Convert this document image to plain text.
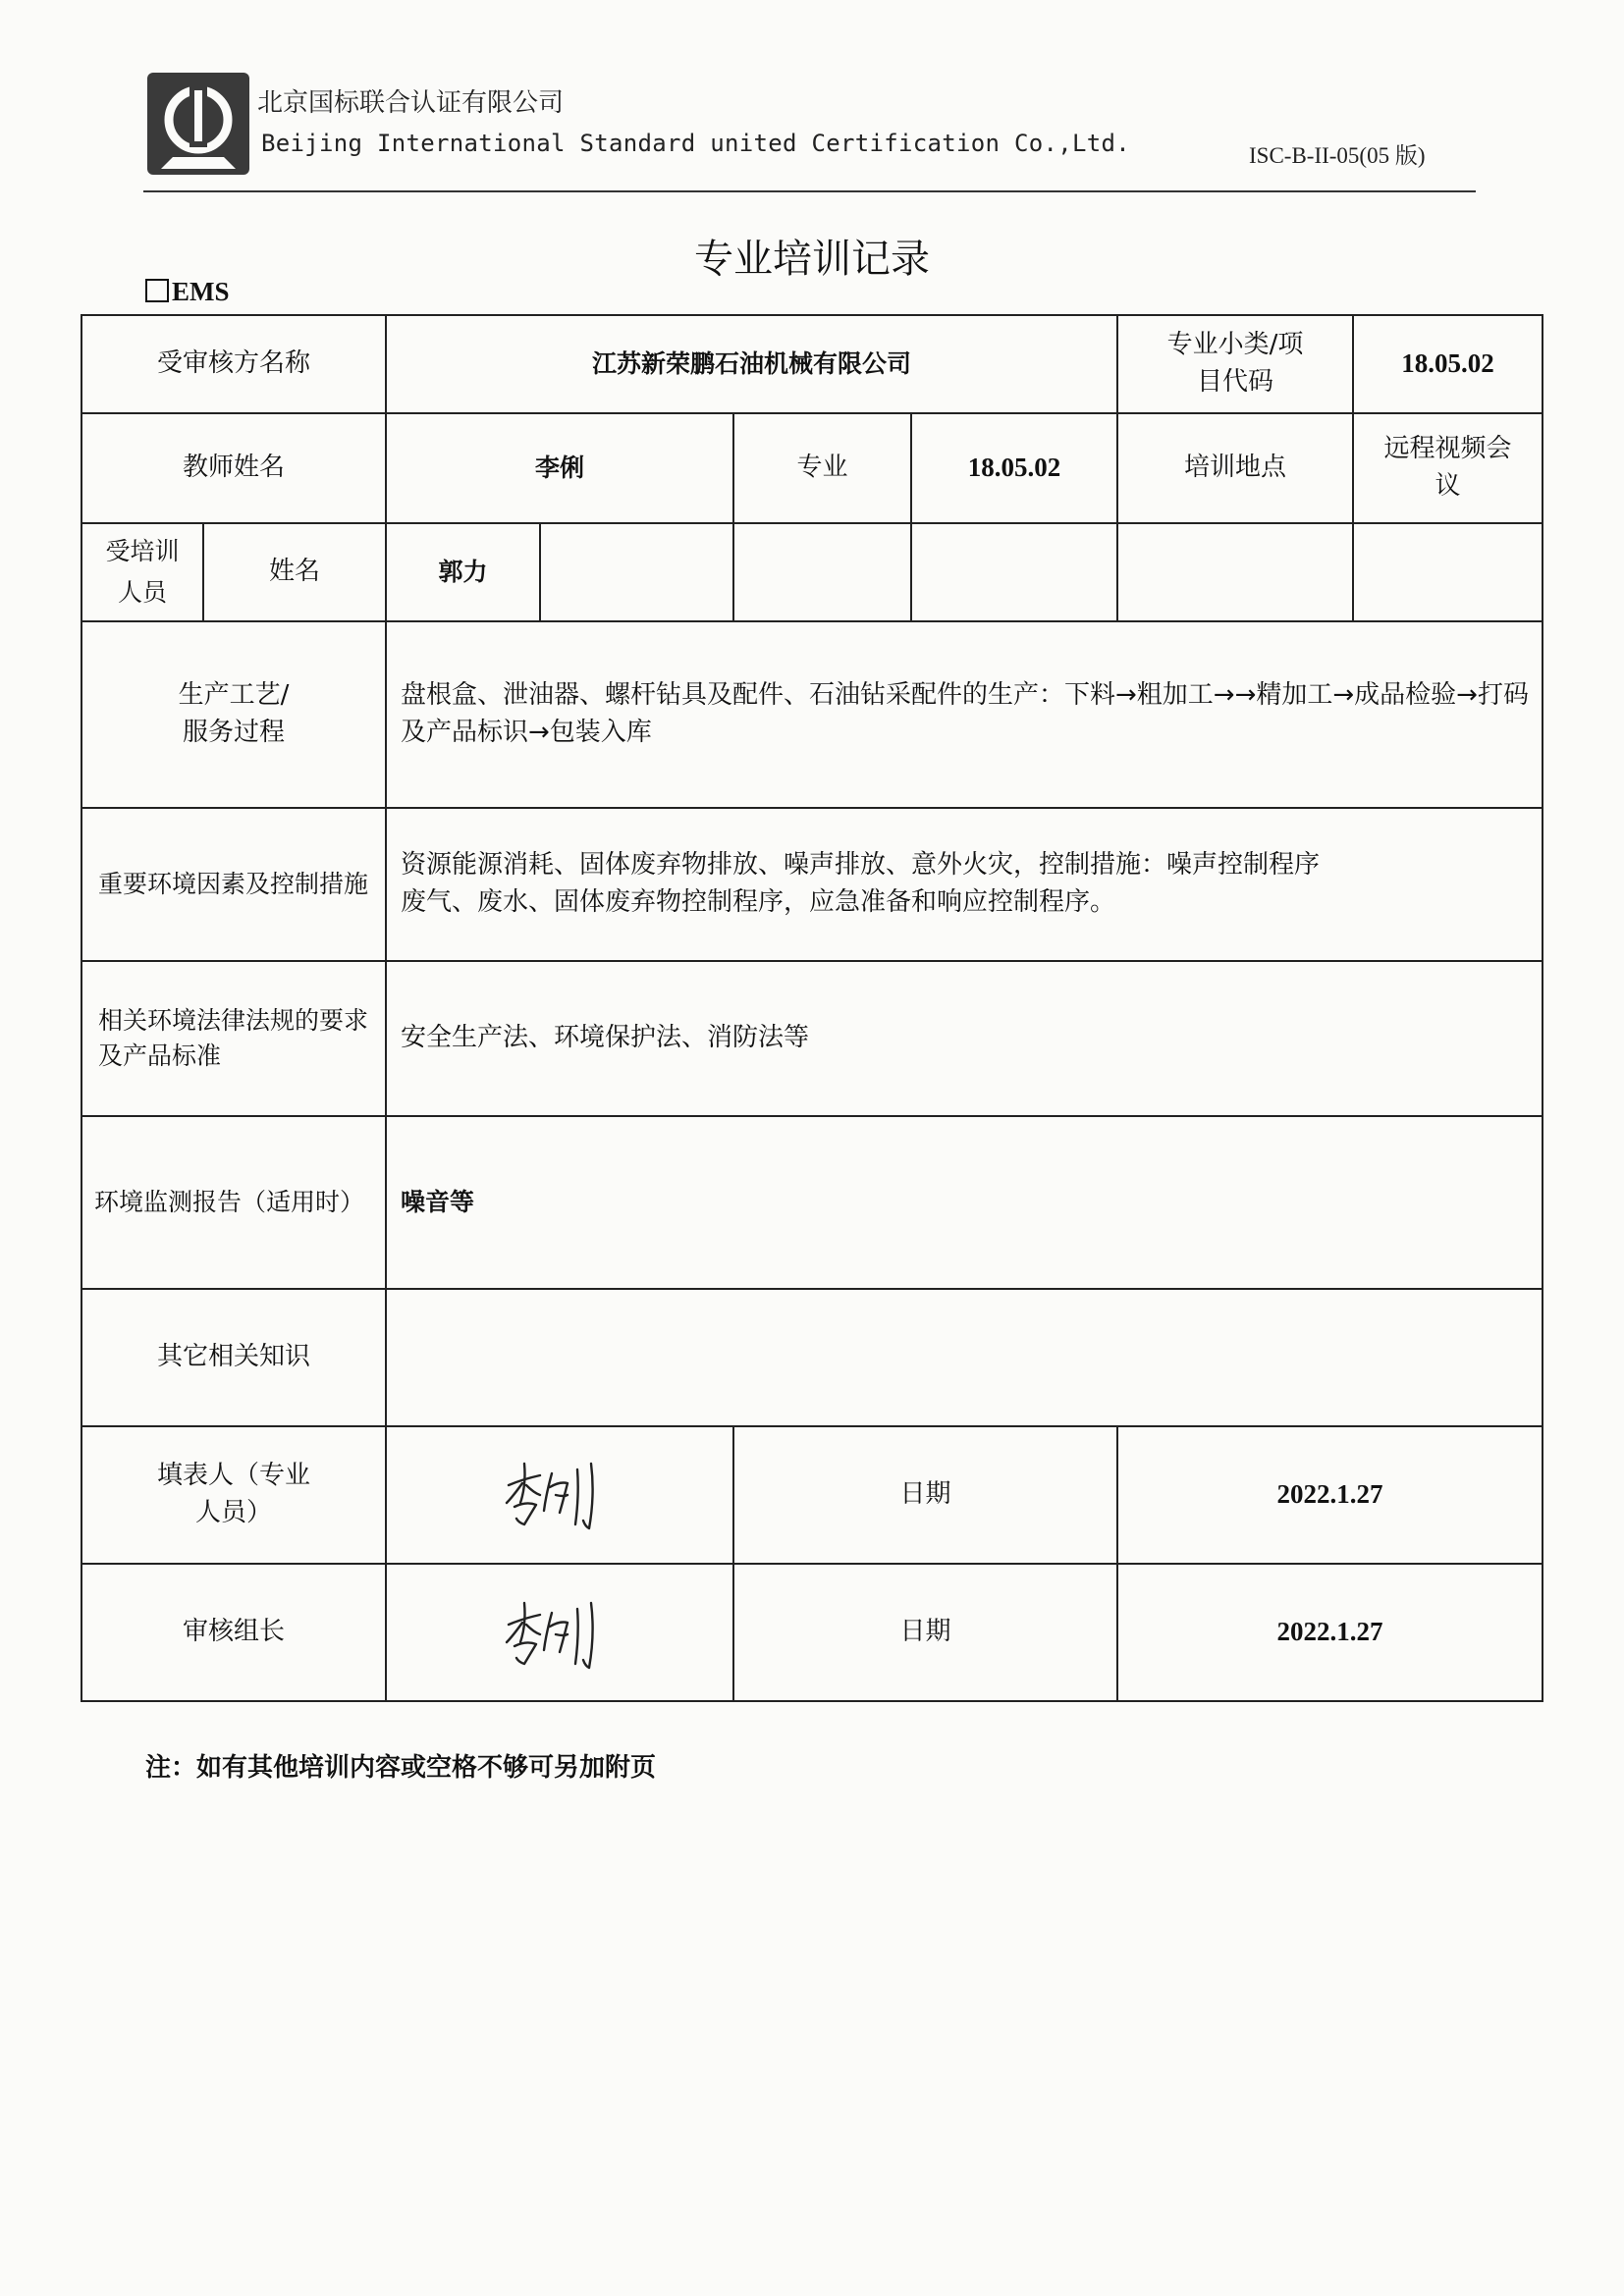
北京国标联合认证有限公司
Beijing International Standard united Certification Co.,Ltd.	ISC-B-II-05(05 版)
专业培训记录
EMS
受审核方名称		江苏新荣鹏石油机械有限公司				专业小类/项目代码	18.05.02
教师姓名		李俐		专业	18.05.02	培训地点	远程视频会议
受培训人员	姓名	郭力					
生产工艺/服务过程		盘根盒、泄油器、螺杆钻具及配件、石油钻采配件的生产：下料→粗加工→→精加工→成品检验→打码及产品标识→包装入库					
重要环境因素及控制措施		资源能源消耗、固体废弃物排放、噪声排放、意外火灾，控制措施：噪声控制程序
废气、废水、固体废弃物控制程序，应急准备和响应控制程序。					
相关环境法律法规的要求及产品标准		安全生产法、环境保护法、消防法等					
环境监测报告（适用时）		噪音等					
其它相关知识							
填表人（专业人员）				日期		2022.1.27	
审核组长				日期		2022.1.27	
注：如有其他培训内容或空格不够可另加附页
